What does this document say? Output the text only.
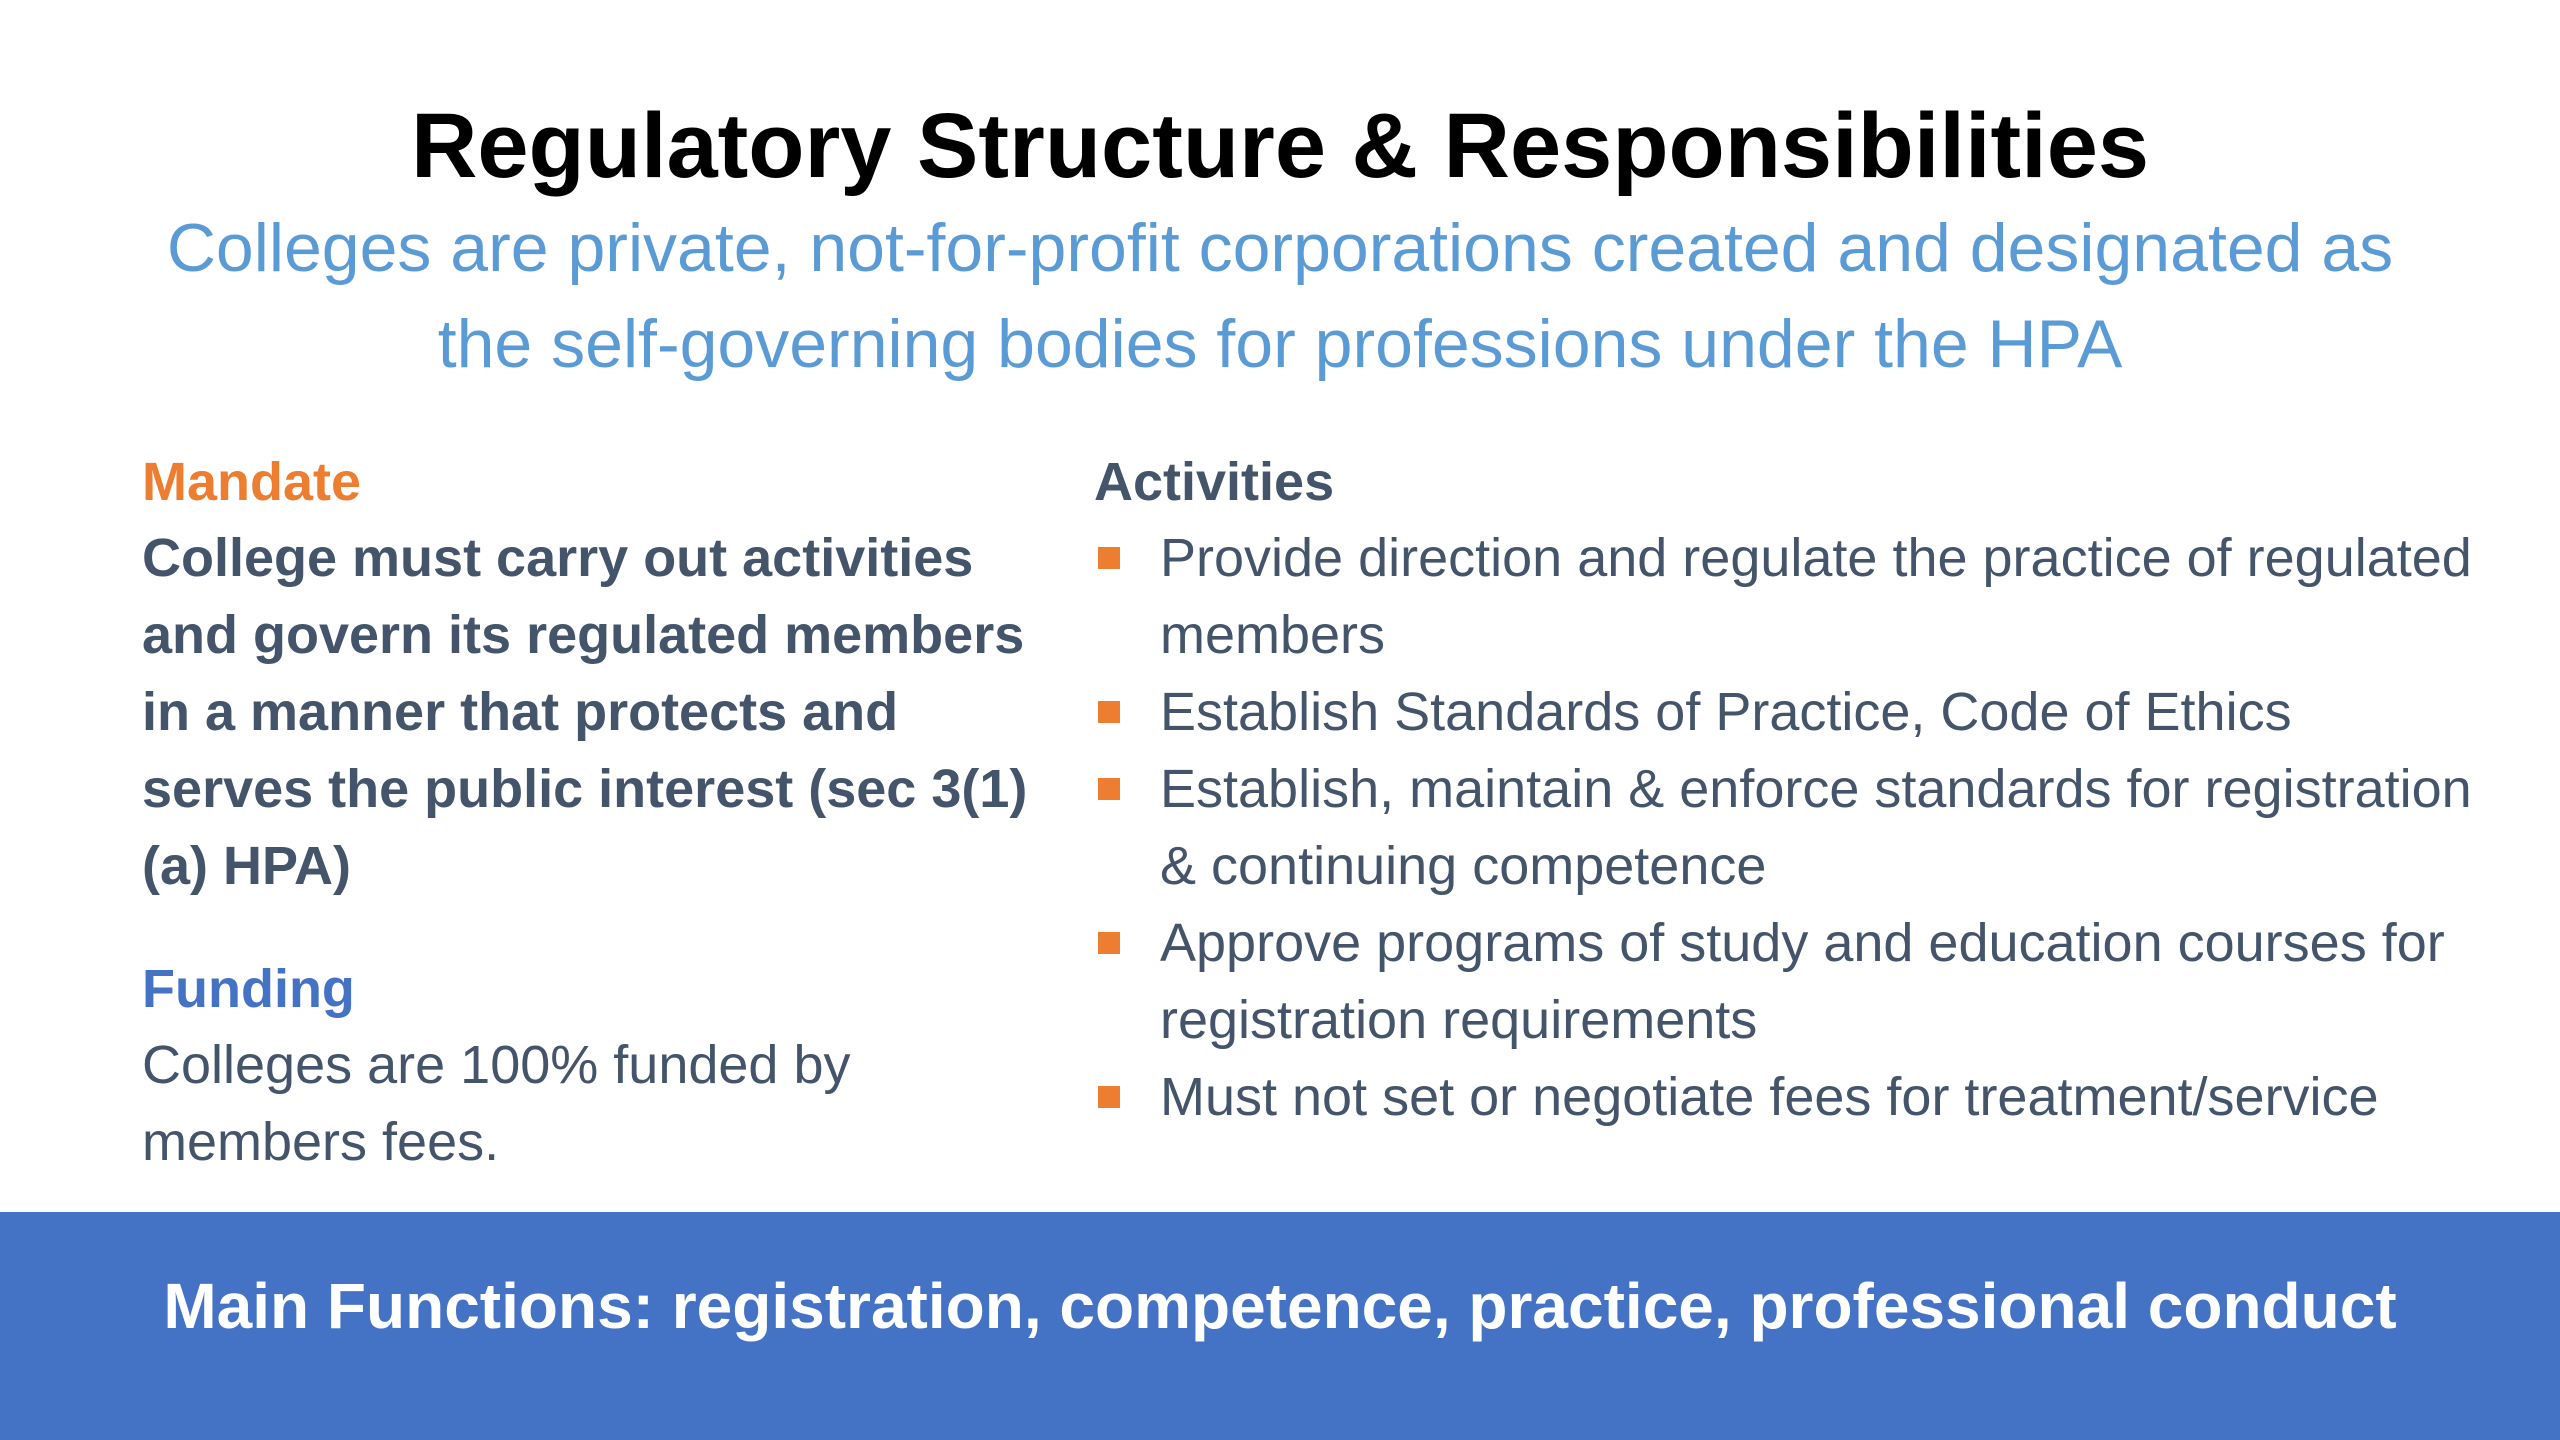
Regulatory Structure & Responsibilities
Colleges are private, not-for-profit corporations created and designated as the self-governing bodies for professions under the HPA

Mandate

College must carry out activities and govern its regulated members in a manner that protects and serves the public interest (sec 3(1)(a) HPA)

Funding

Colleges are 100% funded by members fees.

Activities

Provide direction and regulate the practice of regulated members
Establish Standards of Practice, Code of Ethics
Establish, maintain & enforce standards for registration & continuing competence
Approve programs of study and education courses for registration requirements
Must not set or negotiate fees for treatment/service
Main Functions: registration, competence, practice, professional conduct
